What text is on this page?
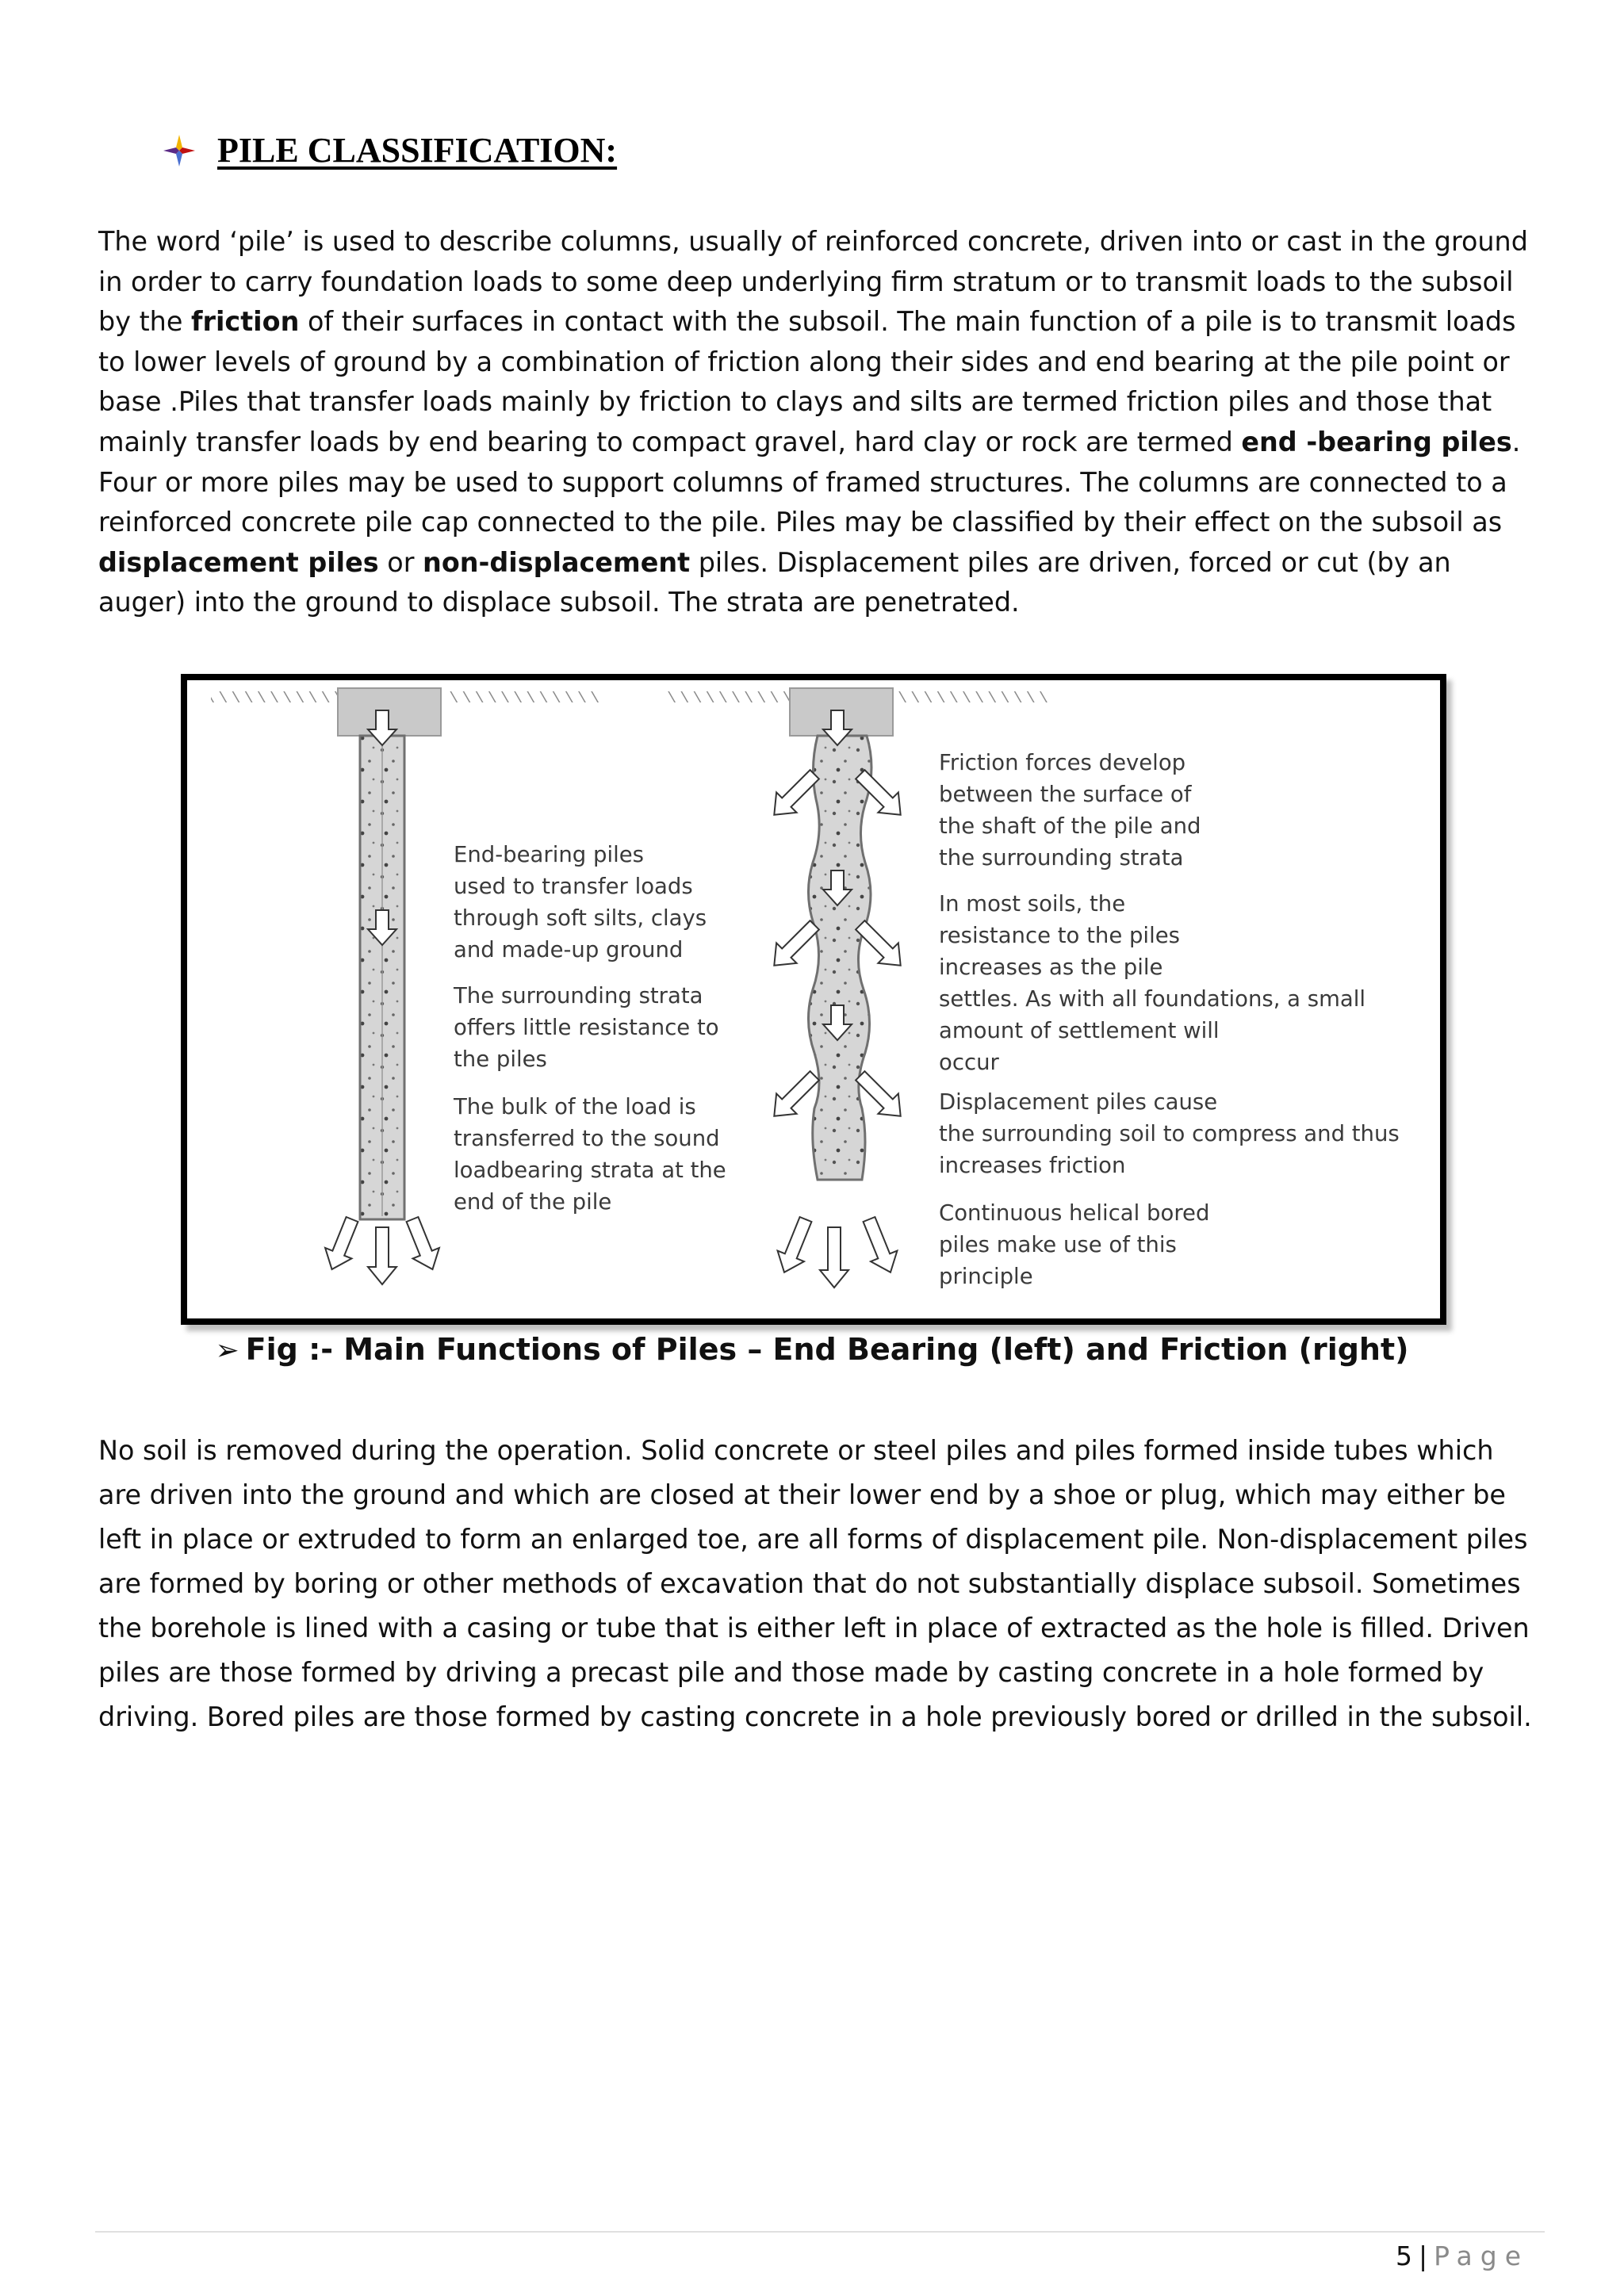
PILE CLASSIFICATION:

The word ‘pile’ is used to describe columns, usually of reinforced concrete, driven into or cast in the ground in order to carry foundation loads to some deep underlying firm stratum or to transmit loads to the subsoil by the friction of their surfaces in contact with the subsoil. The main function of a pile is to transmit loads to lower levels of ground by a combination of friction along their sides and end bearing at the pile point or base .Piles that transfer loads mainly by friction to clays and silts are termed friction piles and those that mainly transfer loads by end bearing to compact gravel, hard clay or rock are termed end -bearing piles. Four or more piles may be used to support columns of framed structures. The columns are connected to a reinforced concrete pile cap connected to the pile. Piles may be classified by their effect on the subsoil as displacement piles or non-displacement piles. Displacement piles are driven, forced or cut (by an auger) into the ground to displace subsoil. The strata are penetrated.

End-bearing piles
used to transfer loads
through soft silts, clays
and made-up ground

The surrounding strata
offers little resistance to
the piles

The bulk of the load is
transferred to the sound
loadbearing strata at the
end of the pile

Friction forces develop
between the surface of
the shaft of the pile and
the surrounding strata

In most soils, the
resistance to the piles
increases as the pile
settles. As with all foundations, a small
amount of settlement will
occur

Displacement piles cause
the surrounding soil to compress and thus
increases friction

Continuous helical bored
piles make use of this
principle

➢ Fig :- Main Functions of Piles – End Bearing (left) and Friction (right)

No soil is removed during the operation. Solid concrete or steel piles and piles formed inside tubes which are driven into the ground and which are closed at their lower end by a shoe or plug, which may either be left in place or extruded to form an enlarged toe, are all forms of displacement pile. Non-displacement piles are formed by boring or other methods of excavation that do not substantially displace subsoil. Sometimes the borehole is lined with a casing or tube that is either left in place of extracted as the hole is filled. Driven piles are those formed by driving a precast pile and those made by casting concrete in a hole formed by driving. Bored piles are those formed by casting concrete in a hole previously bored or drilled in the subsoil.

5 | Page
